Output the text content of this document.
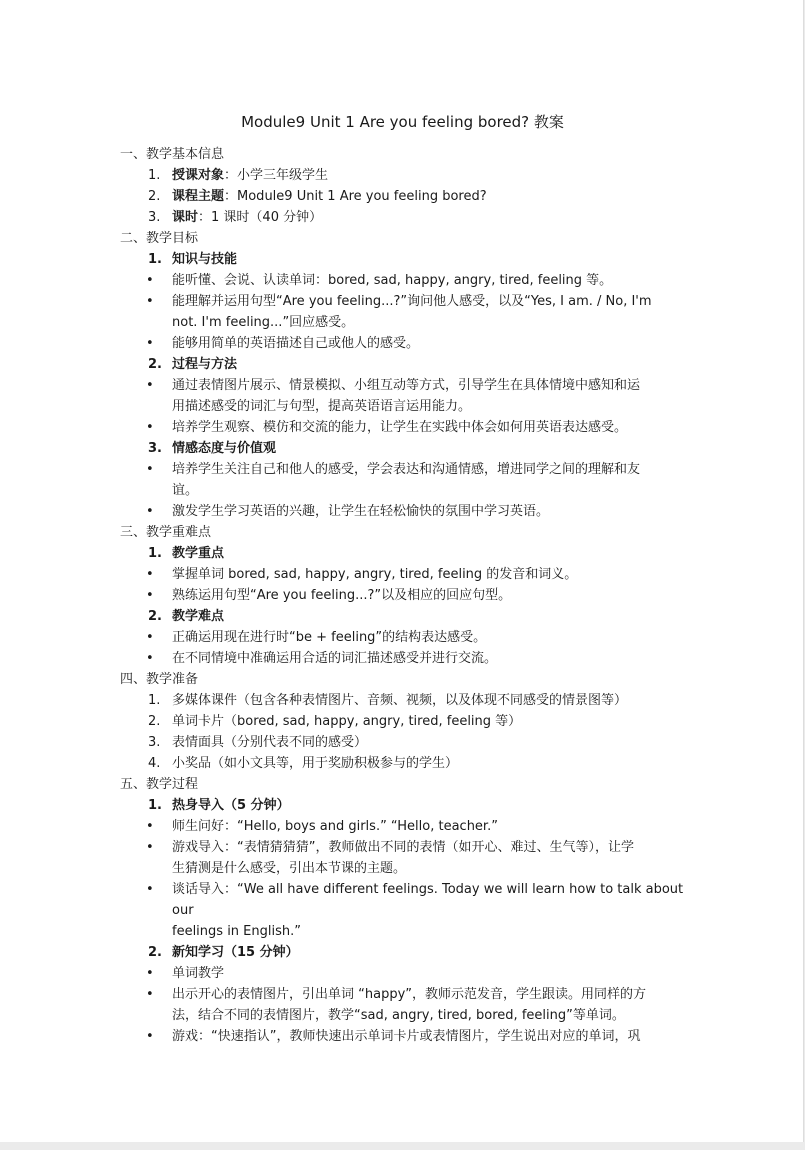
Module9 Unit 1 Are you feeling bored? 教案
一、教学基本信息
1. 授课对象：小学三年级学生
2. 课程主题：Module9 Unit 1 Are you feeling bored?
3. 课时：1 课时（40 分钟）
二、教学目标
1. 知识与技能
• 能听懂、会说、认读单词：bored, sad, happy, angry, tired, feeling 等。
• 能理解并运用句型“Are you feeling...?”询问他人感受，以及“Yes, I am. / No, I'm
not. I'm feeling...”回应感受。
• 能够用简单的英语描述自己或他人的感受。
2. 过程与方法
• 通过表情图片展示、情景模拟、小组互动等方式，引导学生在具体情境中感知和运
用描述感受的词汇与句型，提高英语语言运用能力。
• 培养学生观察、模仿和交流的能力，让学生在实践中体会如何用英语表达感受。
3. 情感态度与价值观
• 培养学生关注自己和他人的感受，学会表达和沟通情感，增进同学之间的理解和友
谊。
• 激发学生学习英语的兴趣，让学生在轻松愉快的氛围中学习英语。
三、教学重难点
1. 教学重点
• 掌握单词 bored, sad, happy, angry, tired, feeling 的发音和词义。
• 熟练运用句型“Are you feeling...?”以及相应的回应句型。
2. 教学难点
• 正确运用现在进行时“be + feeling”的结构表达感受。
• 在不同情境中准确运用合适的词汇描述感受并进行交流。
四、教学准备
1. 多媒体课件（包含各种表情图片、音频、视频，以及体现不同感受的情景图等）
2. 单词卡片（bored, sad, happy, angry, tired, feeling 等）
3. 表情面具（分别代表不同的感受）
4. 小奖品（如小文具等，用于奖励积极参与的学生）
五、教学过程
1. 热身导入（5 分钟）
• 师生问好：“Hello, boys and girls.” “Hello, teacher.”
• 游戏导入：“表情猜猜猜”，教师做出不同的表情（如开心、难过、生气等），让学
生猜测是什么感受，引出本节课的主题。
• 谈话导入：“We all have different feelings. Today we will learn how to talk about our
feelings in English.”
2. 新知学习（15 分钟）
• 单词教学
• 出示开心的表情图片，引出单词 “happy”，教师示范发音，学生跟读。用同样的方
法，结合不同的表情图片，教学“sad, angry, tired, bored, feeling”等单词。
• 游戏：“快速指认”，教师快速出示单词卡片或表情图片，学生说出对应的单词，巩
